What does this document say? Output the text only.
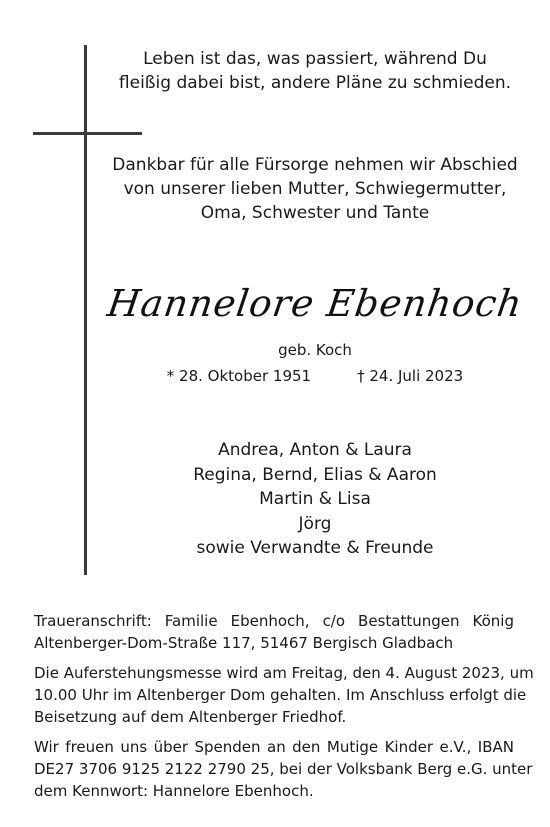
Leben ist das, was passiert, während Du
fleißig dabei bist, andere Pläne zu schmieden.
Dankbar für alle Fürsorge nehmen wir Abschied
von unserer lieben Mutter, Schwiegermutter,
Oma, Schwester und Tante
Hannelore Ebenhoch
geb. Koch
* 28. Oktober 1951	† 24. Juli 2023
Andrea, Anton & Laura
Regina, Bernd, Elias & Aaron
Martin & Lisa
Jörg
sowie Verwandte & Freunde

Traueranschrift: Familie Ebenhoch, c/o Bestattungen König
Altenberger-Dom-Straße 117, 51467 Bergisch Gladbach

Die Auferstehungsmesse wird am Freitag, den 4. August 2023, um
10.00 Uhr im Altenberger Dom gehalten. Im Anschluss erfolgt die
Beisetzung auf dem Altenberger Friedhof.

Wir freuen uns über Spenden an den Mutige Kinder e.V., IBAN
DE27 3706 9125 2122 2790 25, bei der Volksbank Berg e.G. unter
dem Kennwort: Hannelore Ebenhoch.
